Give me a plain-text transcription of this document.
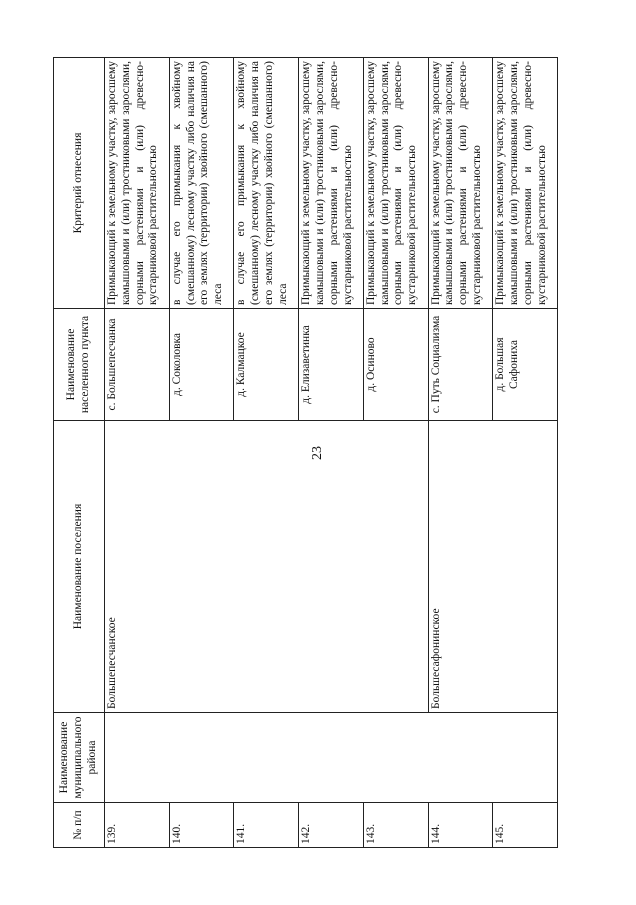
23
№ п/п	Наименование муниципального района	Наименование поселения	Наименование населенного пункта	Критерий отнесения
139.		Большепесчанское	с. Большепесчанка	Примыкающий к земельному участку, заросшему камышовыми и (или) тростниковыми зарослями, сорными растениями и (или) древесно-кустарниковой растительностью
140.			д. Соколовка	в случае его примыкания к хвойному (смешанному) лесному участку либо наличия на его землях (территории) хвойного (смешанного) леса
141.			д. Калмацкое	в случае его примыкания к хвойному (смешанному) лесному участку либо наличия на его землях (территории) хвойного (смешанного) леса
142.			д. Елизаветинка	Примыкающий к земельному участку, заросшему камышовыми и (или) тростниковыми зарослями, сорными растениями и (или) древесно-кустарниковой растительностью
143.			д. Осиново	Примыкающий к земельному участку, заросшему камышовыми и (или) тростниковыми зарослями, сорными растениями и (или) древесно-кустарниковой растительностью
144.		Большесафонинское	с. Путь Социализма	Примыкающий к земельному участку, заросшему камышовыми и (или) тростниковыми зарослями, сорными растениями и (или) древесно-кустарниковой растительностью
145.			д. Большая Сафониха	Примыкающий к земельному участку, заросшему камышовыми и (или) тростниковыми зарослями, сорными растениями и (или) древесно-кустарниковой растительностью
